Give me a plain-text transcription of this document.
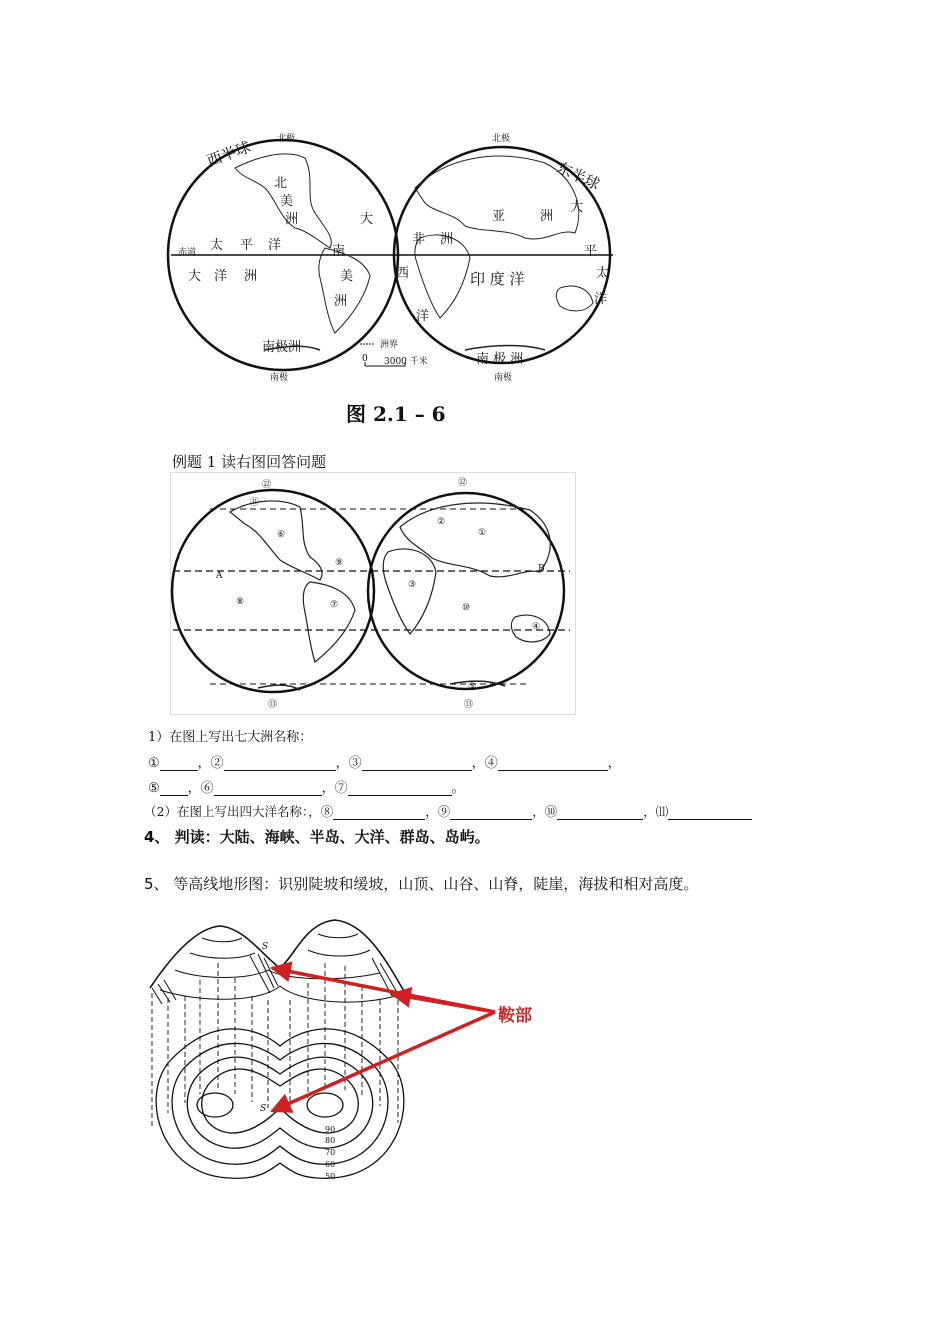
西半球
东半球
北极	北极
南极	南极
北
美
洲	大
太 平 洋
赤道
大 洋 洲
南
美
洲
南极洲	洲界
0 3000 千米
亚	洲
非 洲
印 度 洋
西
洋
大
平
太
洋
南 极 洲
图 2.1 – 6
例题 1 读右图回答问题
⑫
⑫
⑪
⑥
⑨
A
⑧	⑦
⑬
①
②
③
⑩
B
④
⑤
⑬
1）在图上写出七大洲名称：
①	，②	，③	，④	，
⑤ ，⑥	，⑦	。
（2）在图上写出四大洋名称：，⑧	，⑨	，⑩	，⑾
4、 判读：大陆、海峡、半岛、大洋、群岛、岛屿。
5、 等高线地形图：识别陡坡和缓坡，山顶、山谷、山脊，陡崖，海拔和相对高度。
S
S
鞍部
90
80
70
60
50
